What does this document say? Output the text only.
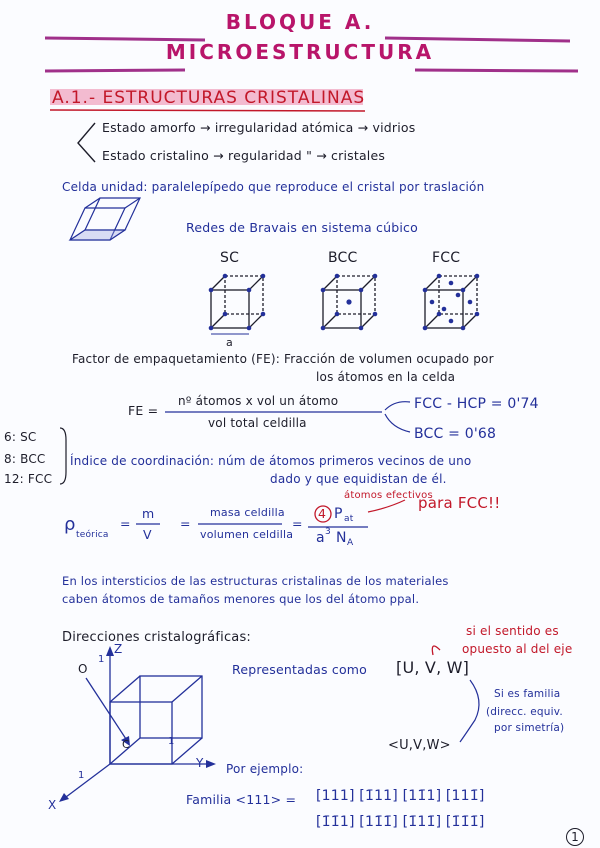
BLOQUE A.
MICROESTRUCTURA
A.1.- ESTRUCTURAS CRISTALINAS
Estado amorfo → irregularidad atómica → vidrios
Estado cristalino → regularidad " → cristales
Celda unidad: paralelepípedo que reproduce el cristal por traslación
Redes de Bravais en sistema cúbico
SC	BCC	FCC
a
Factor de empaquetamiento (FE): Fracción de volumen ocupado por
los átomos en la celda
FE =
nº átomos x vol un átomo
vol total celdilla
FCC - HCP = 0'74
BCC = 0'68
6: SC
8: BCC
12: FCC
Índice de coordinación: núm de átomos primeros vecinos de uno
dado y que equidistan de él.
ρ teórica
=
m
V
=
masa celdilla
volumen celdilla
=
4 P at
a 3 N A
átomos efectivos
para FCC!!
En los intersticios de las estructuras cristalinas de los materiales
caben átomos de tamaños menores que los del átomo ppal.
Direcciones cristalográficas:
Representadas como [U, V, W]
si el sentido es
opuesto al del eje
Si es familia
(direcc. equiv.
por simetría)
<U,V,W>
Por ejemplo:
Familia <111> = [111] [1̄11] [11̄1] [111̄]
[1̄1̄1] [11̄1̄] [1̄11̄] [1̄1̄1̄]
O
Z
1
Y
1
X
1
C
1
